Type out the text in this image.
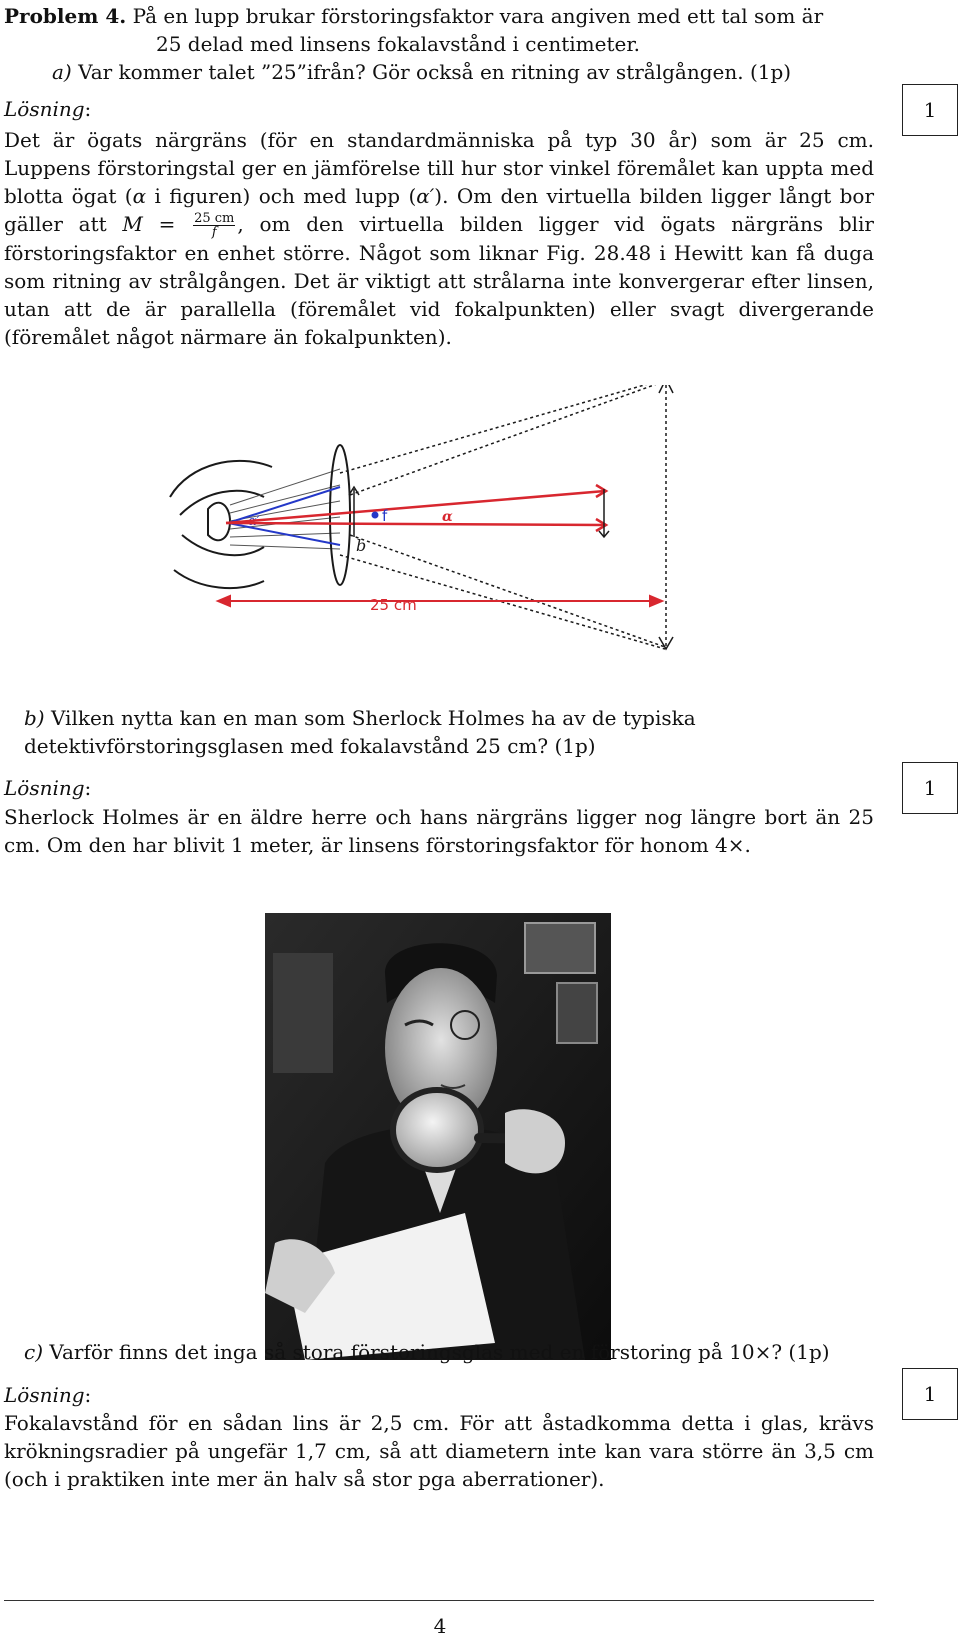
Problem 4. På en lupp brukar förstoringsfaktor vara angiven med ett tal som är
25 delad med linsens fokalavstånd i centimeter.
a) Var kommer talet ”25”ifrån? Gör också en ritning av strålgången. (1p)
Lösning:	1
Det är ögats närgräns (för en standardmänniska på typ 30 år) som är 25 cm. Luppens förstoringstal ger en jämförelse till hur stor vinkel föremålet kan uppta med blotta ögat (α i figuren) och med lupp (α′). Om den virtuella bilden ligger långt bor gäller att $M = \frac{25 cm}{f}$ , om den virtuella bilden ligger vid ögats närgräns blir förstoringsfaktor en enhet större. Något som liknar Fig. 28.48 i Hewitt kan få duga som ritning av strålgången. Det är viktigt att strålarna inte konvergerar efter linsen, utan att de är parallella (föremålet vid fokalpunkten) eller svagt divergerande (föremålet något närmare än fokalpunkten).
α′
b
f	α
25 cm
b) Vilken nytta kan en man som Sherlock Holmes ha av de typiska detektivförstoringsglasen med fokalavstånd 25 cm? (1p)
Lösning:	1
Sherlock Holmes är en äldre herre och hans närgräns ligger nog längre bort än 25 cm. Om den har blivit 1 meter, är linsens förstoringsfaktor för honom 4×.
c) Varför finns det inga så stora förstoringsglas med en förstoring på 10×? (1p)
Lösning:	1
Fokalavstånd för en sådan lins är 2,5 cm. För att åstadkomma detta i glas, krävs krökningsradier på ungefär 1,7 cm, så att diametern inte kan vara större än 3,5 cm (och i praktiken inte mer än halv så stor pga aberrationer).
4
